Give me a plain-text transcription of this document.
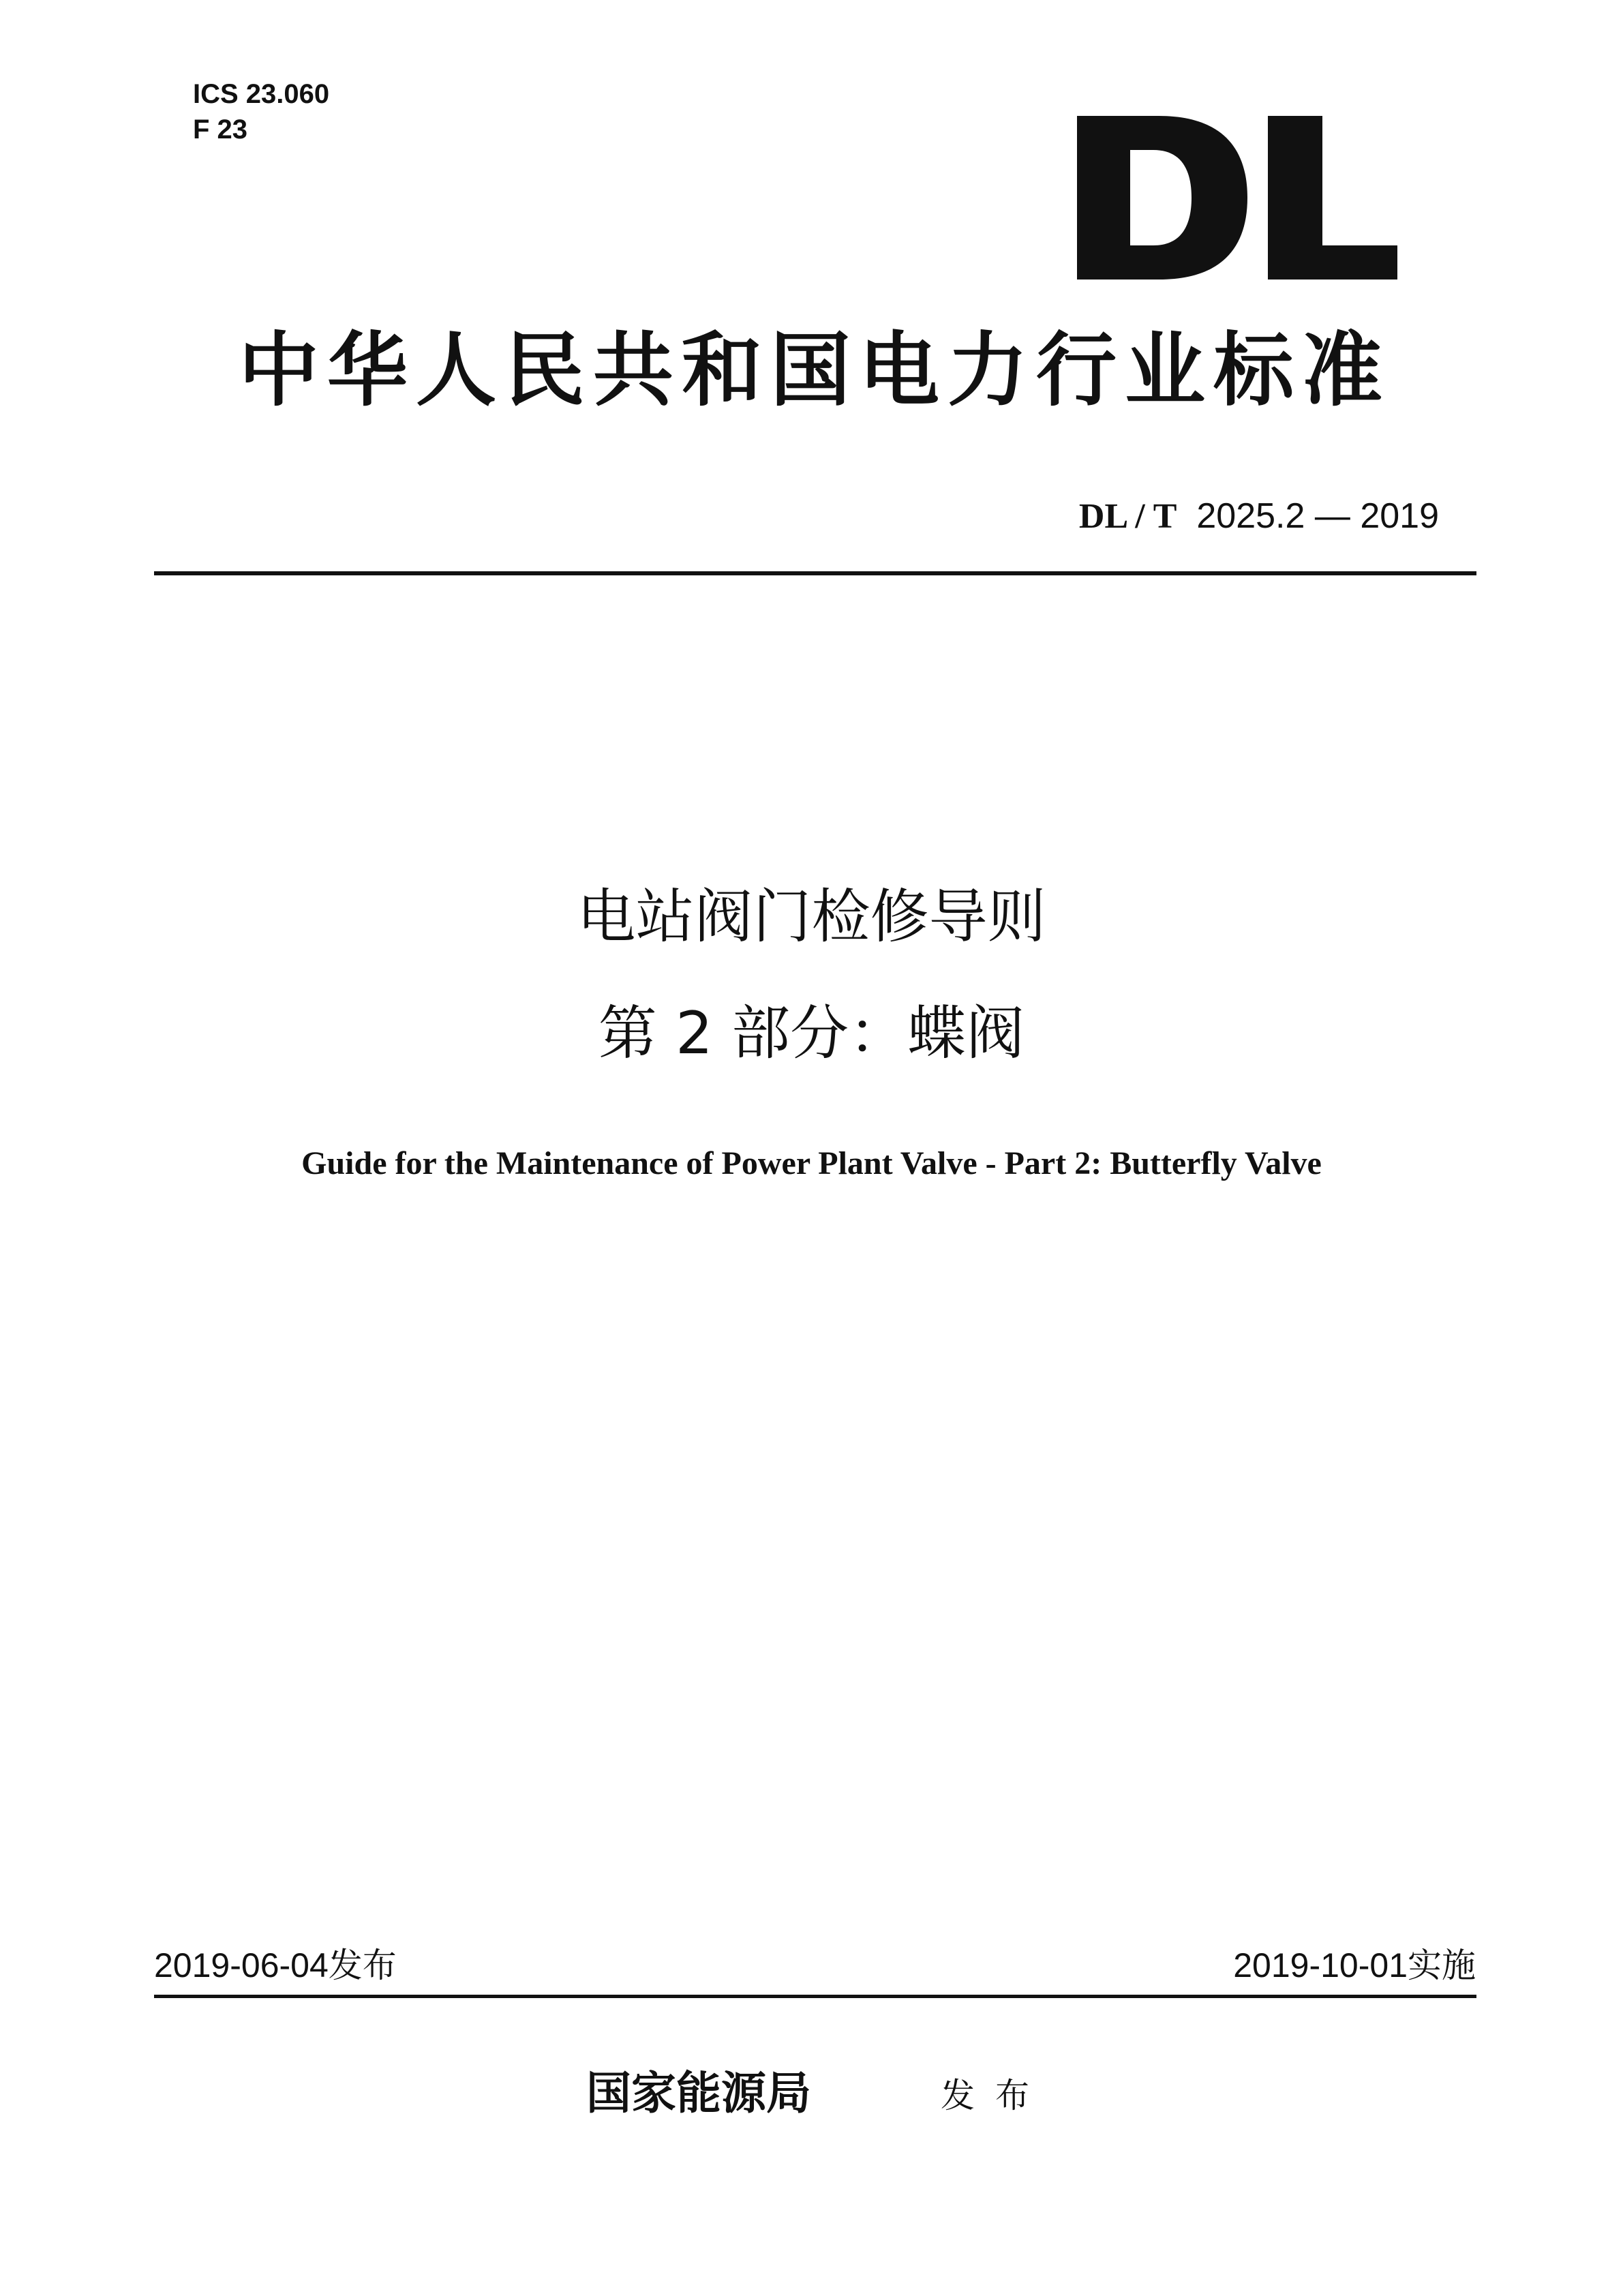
ICS 23.060
F 23
中华人民共和国电力行业标准
DL / T 2025.2 — 2019
电站阀门检修导则
第 2 部分：蝶阀
Guide for the Maintenance of Power Plant Valve - Part 2: Butterfly Valve
2019-06-04发布	2019-10-01实施
国家能源局	发布
